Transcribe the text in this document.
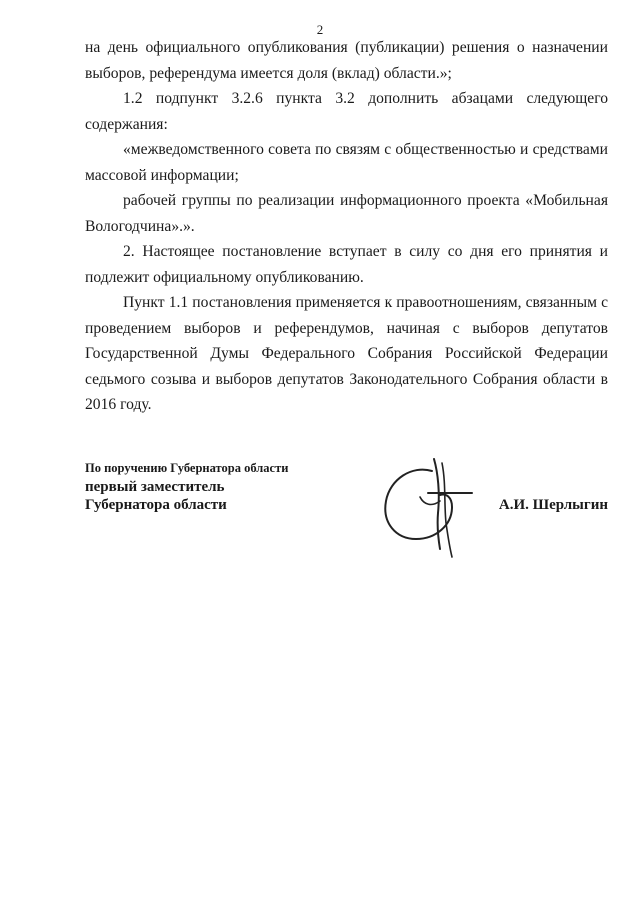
2

на день официального опубликования (публикации) решения о назначении выборов, референдума имеется доля (вклад) области.»;

1.2 подпункт 3.2.6 пункта 3.2 дополнить абзацами следующего содержания:

«межведомственного совета по связям с общественностью и средствами массовой информации;

рабочей группы по реализации информационного проекта «Мобильная Вологодчина».».

2. Настоящее постановление вступает в силу со дня его принятия и подлежит официальному опубликованию.

Пункт 1.1 постановления применяется к правоотношениям, связанным с проведением выборов и референдумов, начиная с выборов депутатов Государственной Думы Федерального Собрания Российской Федерации седьмого созыва и выборов депутатов Законодательного Собрания области в 2016 году.

По поручению Губернатора области
первый заместитель
Губернатора области	А.И. Шерлыгин
